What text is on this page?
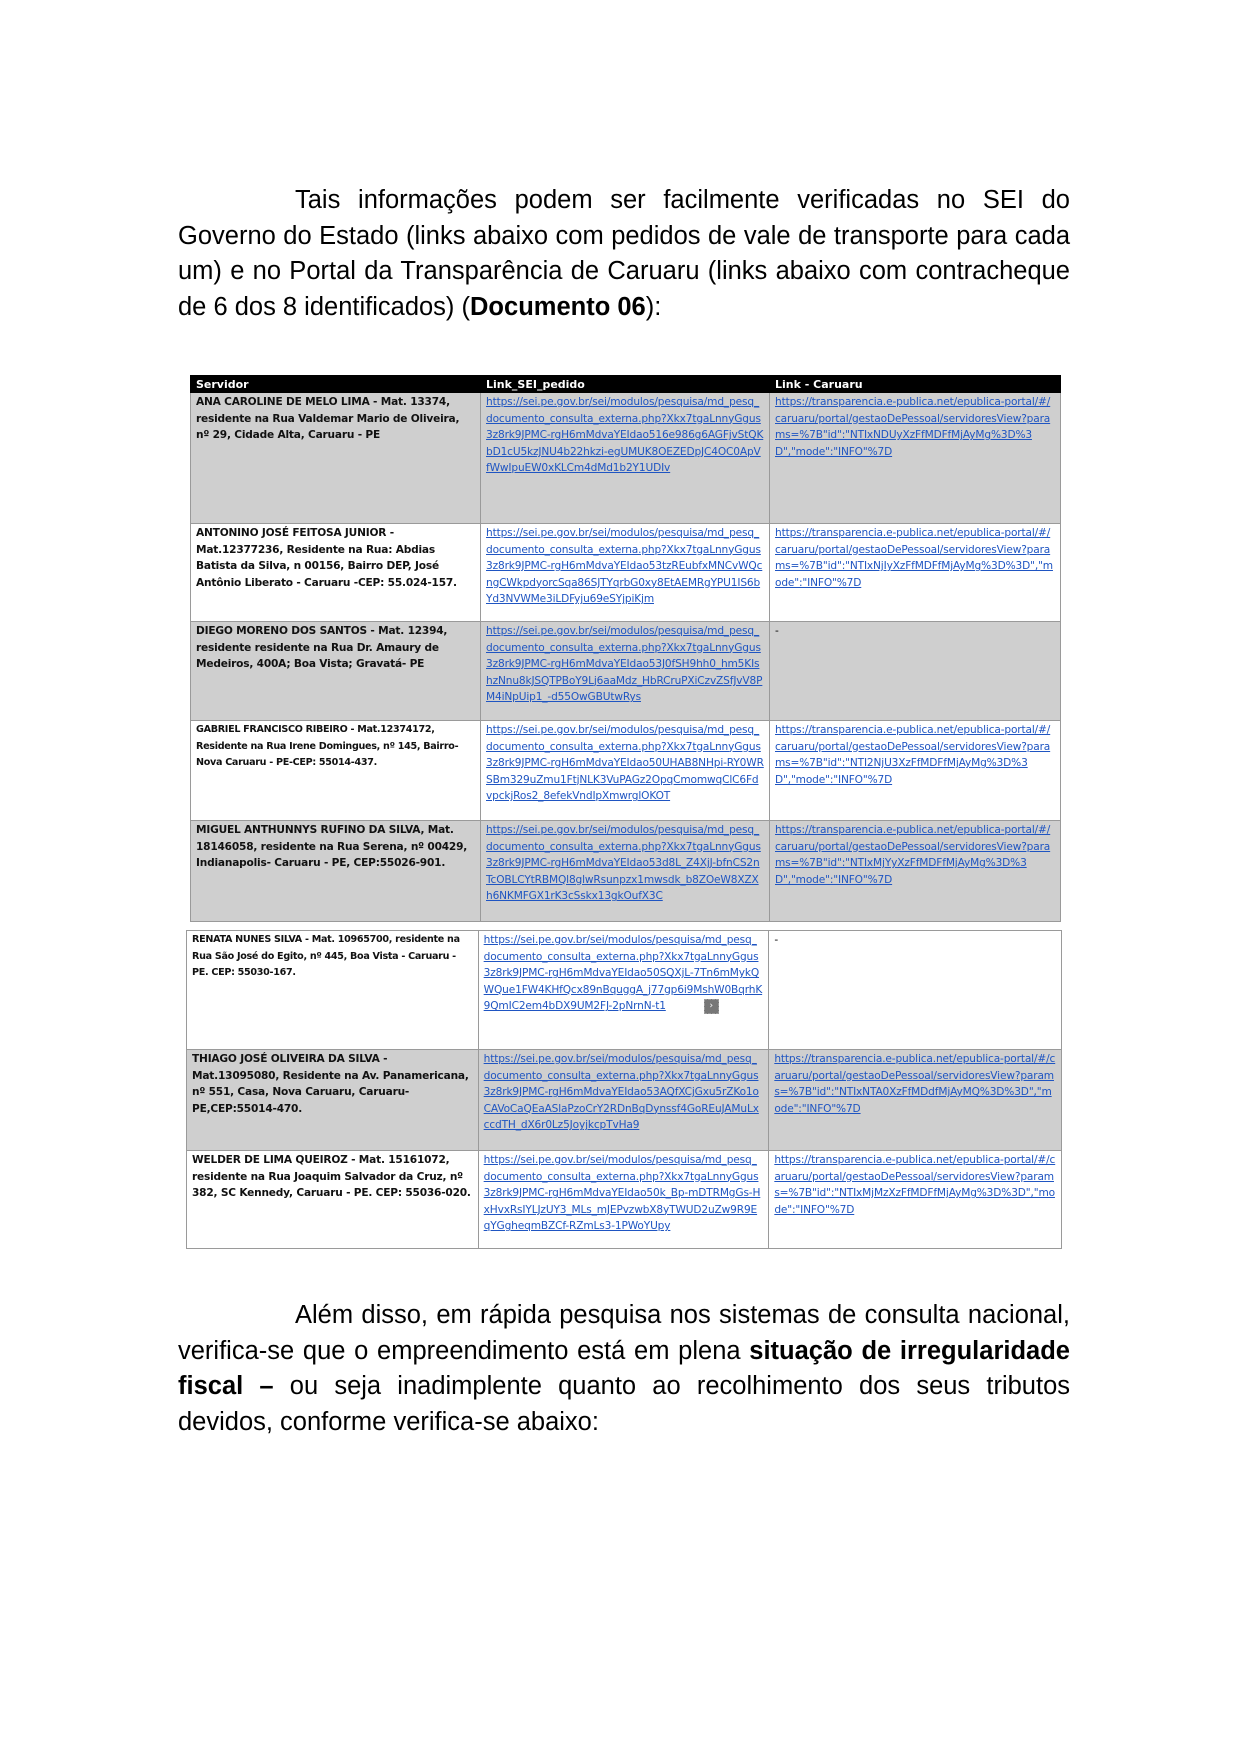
Tais informações podem ser facilmente verificadas no SEI do Governo do Estado (links abaixo com pedidos de vale de transporte para cada um) e no Portal da Transparência de Caruaru (links abaixo com contracheque de 6 dos 8 identificados) (Documento 06):

Servidor	Link_SEI_pedido	Link - Caruaru
ANA CAROLINE DE MELO LIMA - Mat. 13374, residente na Rua Valdemar Mario de Oliveira, nº 29, Cidade Alta, Caruaru - PE	https://sei.pe.gov.br/sei/modulos/pesquisa/md_pesq_documento_consulta_externa.php?Xkx7tgaLnnyGgus3z8rk9JPMC-rgH6mMdvaYEIdao516e986g6AGFjvStQKbD1cU5kzJNU4b22hkzi-egUMUK8OEZEDpJC4OC0ApVfWwIpuEW0xKLCm4dMd1b2Y1UDIv	https://transparencia.e-publica.net/epublica-portal/#/caruaru/portal/gestaoDePessoal/servidoresView?params=%7B"id":"NTIxNDUyXzFfMDFfMjAyMg%3D%3D","mode":"INFO"%7D
ANTONINO JOSÉ FEITOSA JUNIOR - Mat.12377236, Residente na Rua: Abdias Batista da Silva, n 00156, Bairro DEP, José Antônio Liberato - Caruaru -CEP: 55.024-157.	https://sei.pe.gov.br/sei/modulos/pesquisa/md_pesq_documento_consulta_externa.php?Xkx7tgaLnnyGgus3z8rk9JPMC-rgH6mMdvaYEIdao53tzREubfxMNCvWQcngCWkpdyorcSqa86SJTYqrbG0xy8EtAEMRgYPU1IS6bYd3NVWMe3iLDFyju69eSYjpiKjm	https://transparencia.e-publica.net/epublica-portal/#/caruaru/portal/gestaoDePessoal/servidoresView?params=%7B"id":"NTIxNjIyXzFfMDFfMjAyMg%3D%3D","mode":"INFO"%7D
DIEGO MORENO DOS SANTOS - Mat. 12394, residente residente na Rua Dr. Amaury de Medeiros, 400A; Boa Vista; Gravatá- PE	https://sei.pe.gov.br/sei/modulos/pesquisa/md_pesq_documento_consulta_externa.php?Xkx7tgaLnnyGgus3z8rk9JPMC-rgH6mMdvaYEIdao53J0fSH9hh0_hm5KIshzNnu8kJSQTPBoY9Lj6aaMdz_HbRCruPXiCzvZSfJvV8PM4iNpUip1_-d55OwGBUtwRys	-
GABRIEL FRANCISCO RIBEIRO - Mat.12374172, Residente na Rua Irene Domingues, nº 145, Bairro- Nova Caruaru - PE-CEP: 55014-437.	https://sei.pe.gov.br/sei/modulos/pesquisa/md_pesq_documento_consulta_externa.php?Xkx7tgaLnnyGgus3z8rk9JPMC-rgH6mMdvaYEIdao50UHAB8NHpi-RY0WRSBm329uZmu1FtjNLK3VuPAGz2OpqCmomwqClC6FdvpckjRos2_8efekVndIpXmwrglOKOT	https://transparencia.e-publica.net/epublica-portal/#/caruaru/portal/gestaoDePessoal/servidoresView?params=%7B"id":"NTI2NjU3XzFfMDFfMjAyMg%3D%3D","mode":"INFO"%7D
MIGUEL ANTHUNNYS RUFINO DA SILVA, Mat. 18146058, residente na Rua Serena, nº 00429, Indianapolis- Caruaru - PE, CEP:55026-901.	https://sei.pe.gov.br/sei/modulos/pesquisa/md_pesq_documento_consulta_externa.php?Xkx7tgaLnnyGgus3z8rk9JPMC-rgH6mMdvaYEIdao53d8L_Z4XjJ-bfnCS2nTcOBLCYtRBMQl8glwRsunpzx1mwsdk_b8ZOeW8XZXh6NKMFGX1rK3cSskx13gkOufX3C	https://transparencia.e-publica.net/epublica-portal/#/caruaru/portal/gestaoDePessoal/servidoresView?params=%7B"id":"NTIxMjYyXzFfMDFfMjAyMg%3D%3D","mode":"INFO"%7D
RENATA NUNES SILVA - Mat. 10965700, residente na Rua São José do Egito, nº 445, Boa Vista - Caruaru - PE. CEP: 55030-167.	https://sei.pe.gov.br/sei/modulos/pesquisa/md_pesq_documento_consulta_externa.php?Xkx7tgaLnnyGgus3z8rk9JPMC-rgH6mMdvaYEIdao50SQXjL-7Tn6mMykQWQue1FW4KHfQcx89nBquggA_j77gp6i9MshW0BqrhK9QmIC2em4bDX9UM2FJ-2pNrnN-t1 ›	-
THIAGO JOSÉ OLIVEIRA DA SILVA - Mat.13095080, Residente na Av. Panamericana, nº 551, Casa, Nova Caruaru, Caruaru-PE,CEP:55014-470.	https://sei.pe.gov.br/sei/modulos/pesquisa/md_pesq_documento_consulta_externa.php?Xkx7tgaLnnyGgus3z8rk9JPMC-rgH6mMdvaYEIdao53AQfXCjGxu5rZKo1oCAVoCaQEaASlaPzoCrY2RDnBqDynssf4GoREuJAMuLxccdTH_dX6r0Lz5JoyjkcpTvHa9	https://transparencia.e-publica.net/epublica-portal/#/caruaru/portal/gestaoDePessoal/servidoresView?params=%7B"id":"NTIxNTA0XzFfMDdfMjAyMQ%3D%3D","mode":"INFO"%7D
WELDER DE LIMA QUEIROZ - Mat. 15161072, residente na Rua Joaquim Salvador da Cruz, nº 382, SC Kennedy, Caruaru - PE. CEP: 55036-020.	https://sei.pe.gov.br/sei/modulos/pesquisa/md_pesq_documento_consulta_externa.php?Xkx7tgaLnnyGgus3z8rk9JPMC-rgH6mMdvaYEIdao50k_Bp-mDTRMgGs-HxHvxRsIYLJzUY3_MLs_mJEPvzwbX8yTWUD2uZw9R9EqYGgheqmBZCf-RZmLs3-1PWoYUpy	https://transparencia.e-publica.net/epublica-portal/#/caruaru/portal/gestaoDePessoal/servidoresView?params=%7B"id":"NTIxMjMzXzFfMDFfMjAyMg%3D%3D","mode":"INFO"%7D

Além disso, em rápida pesquisa nos sistemas de consulta nacional, verifica-se que o empreendimento está em plena situação de irregularidade fiscal – ou seja inadimplente quanto ao recolhimento dos seus tributos devidos, conforme verifica-se abaixo:
